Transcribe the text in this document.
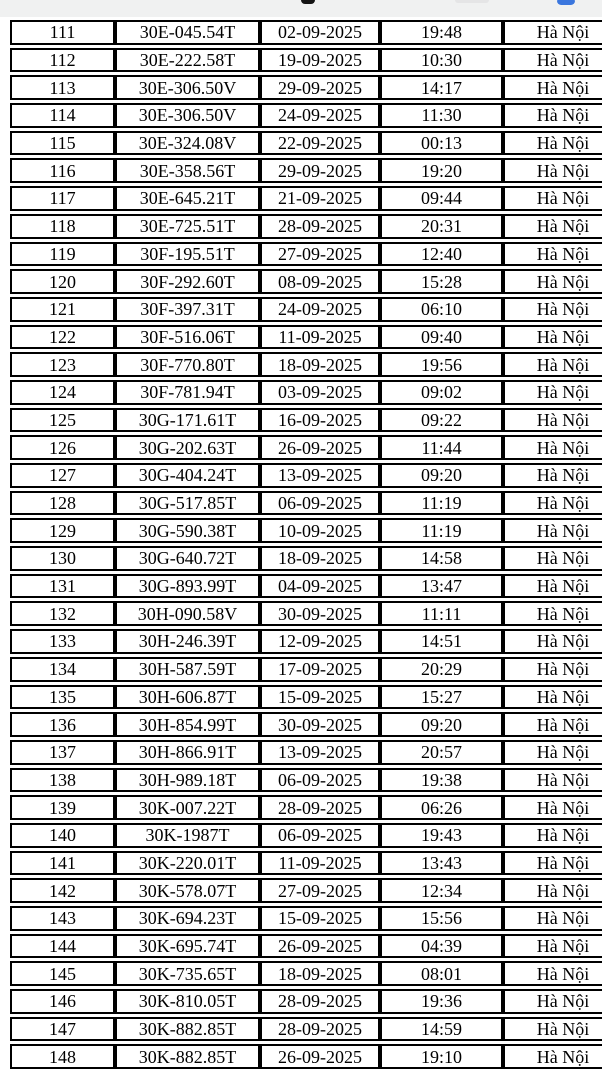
111	30E-045.54T	02-09-2025	19:48	Hà Nội
112	30E-222.58T	19-09-2025	10:30	Hà Nội
113	30E-306.50V	29-09-2025	14:17	Hà Nội
114	30E-306.50V	24-09-2025	11:30	Hà Nội
115	30E-324.08V	22-09-2025	00:13	Hà Nội
116	30E-358.56T	29-09-2025	19:20	Hà Nội
117	30E-645.21T	21-09-2025	09:44	Hà Nội
118	30E-725.51T	28-09-2025	20:31	Hà Nội
119	30F-195.51T	27-09-2025	12:40	Hà Nội
120	30F-292.60T	08-09-2025	15:28	Hà Nội
121	30F-397.31T	24-09-2025	06:10	Hà Nội
122	30F-516.06T	11-09-2025	09:40	Hà Nội
123	30F-770.80T	18-09-2025	19:56	Hà Nội
124	30F-781.94T	03-09-2025	09:02	Hà Nội
125	30G-171.61T	16-09-2025	09:22	Hà Nội
126	30G-202.63T	26-09-2025	11:44	Hà Nội
127	30G-404.24T	13-09-2025	09:20	Hà Nội
128	30G-517.85T	06-09-2025	11:19	Hà Nội
129	30G-590.38T	10-09-2025	11:19	Hà Nội
130	30G-640.72T	18-09-2025	14:58	Hà Nội
131	30G-893.99T	04-09-2025	13:47	Hà Nội
132	30H-090.58V	30-09-2025	11:11	Hà Nội
133	30H-246.39T	12-09-2025	14:51	Hà Nội
134	30H-587.59T	17-09-2025	20:29	Hà Nội
135	30H-606.87T	15-09-2025	15:27	Hà Nội
136	30H-854.99T	30-09-2025	09:20	Hà Nội
137	30H-866.91T	13-09-2025	20:57	Hà Nội
138	30H-989.18T	06-09-2025	19:38	Hà Nội
139	30K-007.22T	28-09-2025	06:26	Hà Nội
140	30K-1987T	06-09-2025	19:43	Hà Nội
141	30K-220.01T	11-09-2025	13:43	Hà Nội
142	30K-578.07T	27-09-2025	12:34	Hà Nội
143	30K-694.23T	15-09-2025	15:56	Hà Nội
144	30K-695.74T	26-09-2025	04:39	Hà Nội
145	30K-735.65T	18-09-2025	08:01	Hà Nội
146	30K-810.05T	28-09-2025	19:36	Hà Nội
147	30K-882.85T	28-09-2025	14:59	Hà Nội
148	30K-882.85T	26-09-2025	19:10	Hà Nội
